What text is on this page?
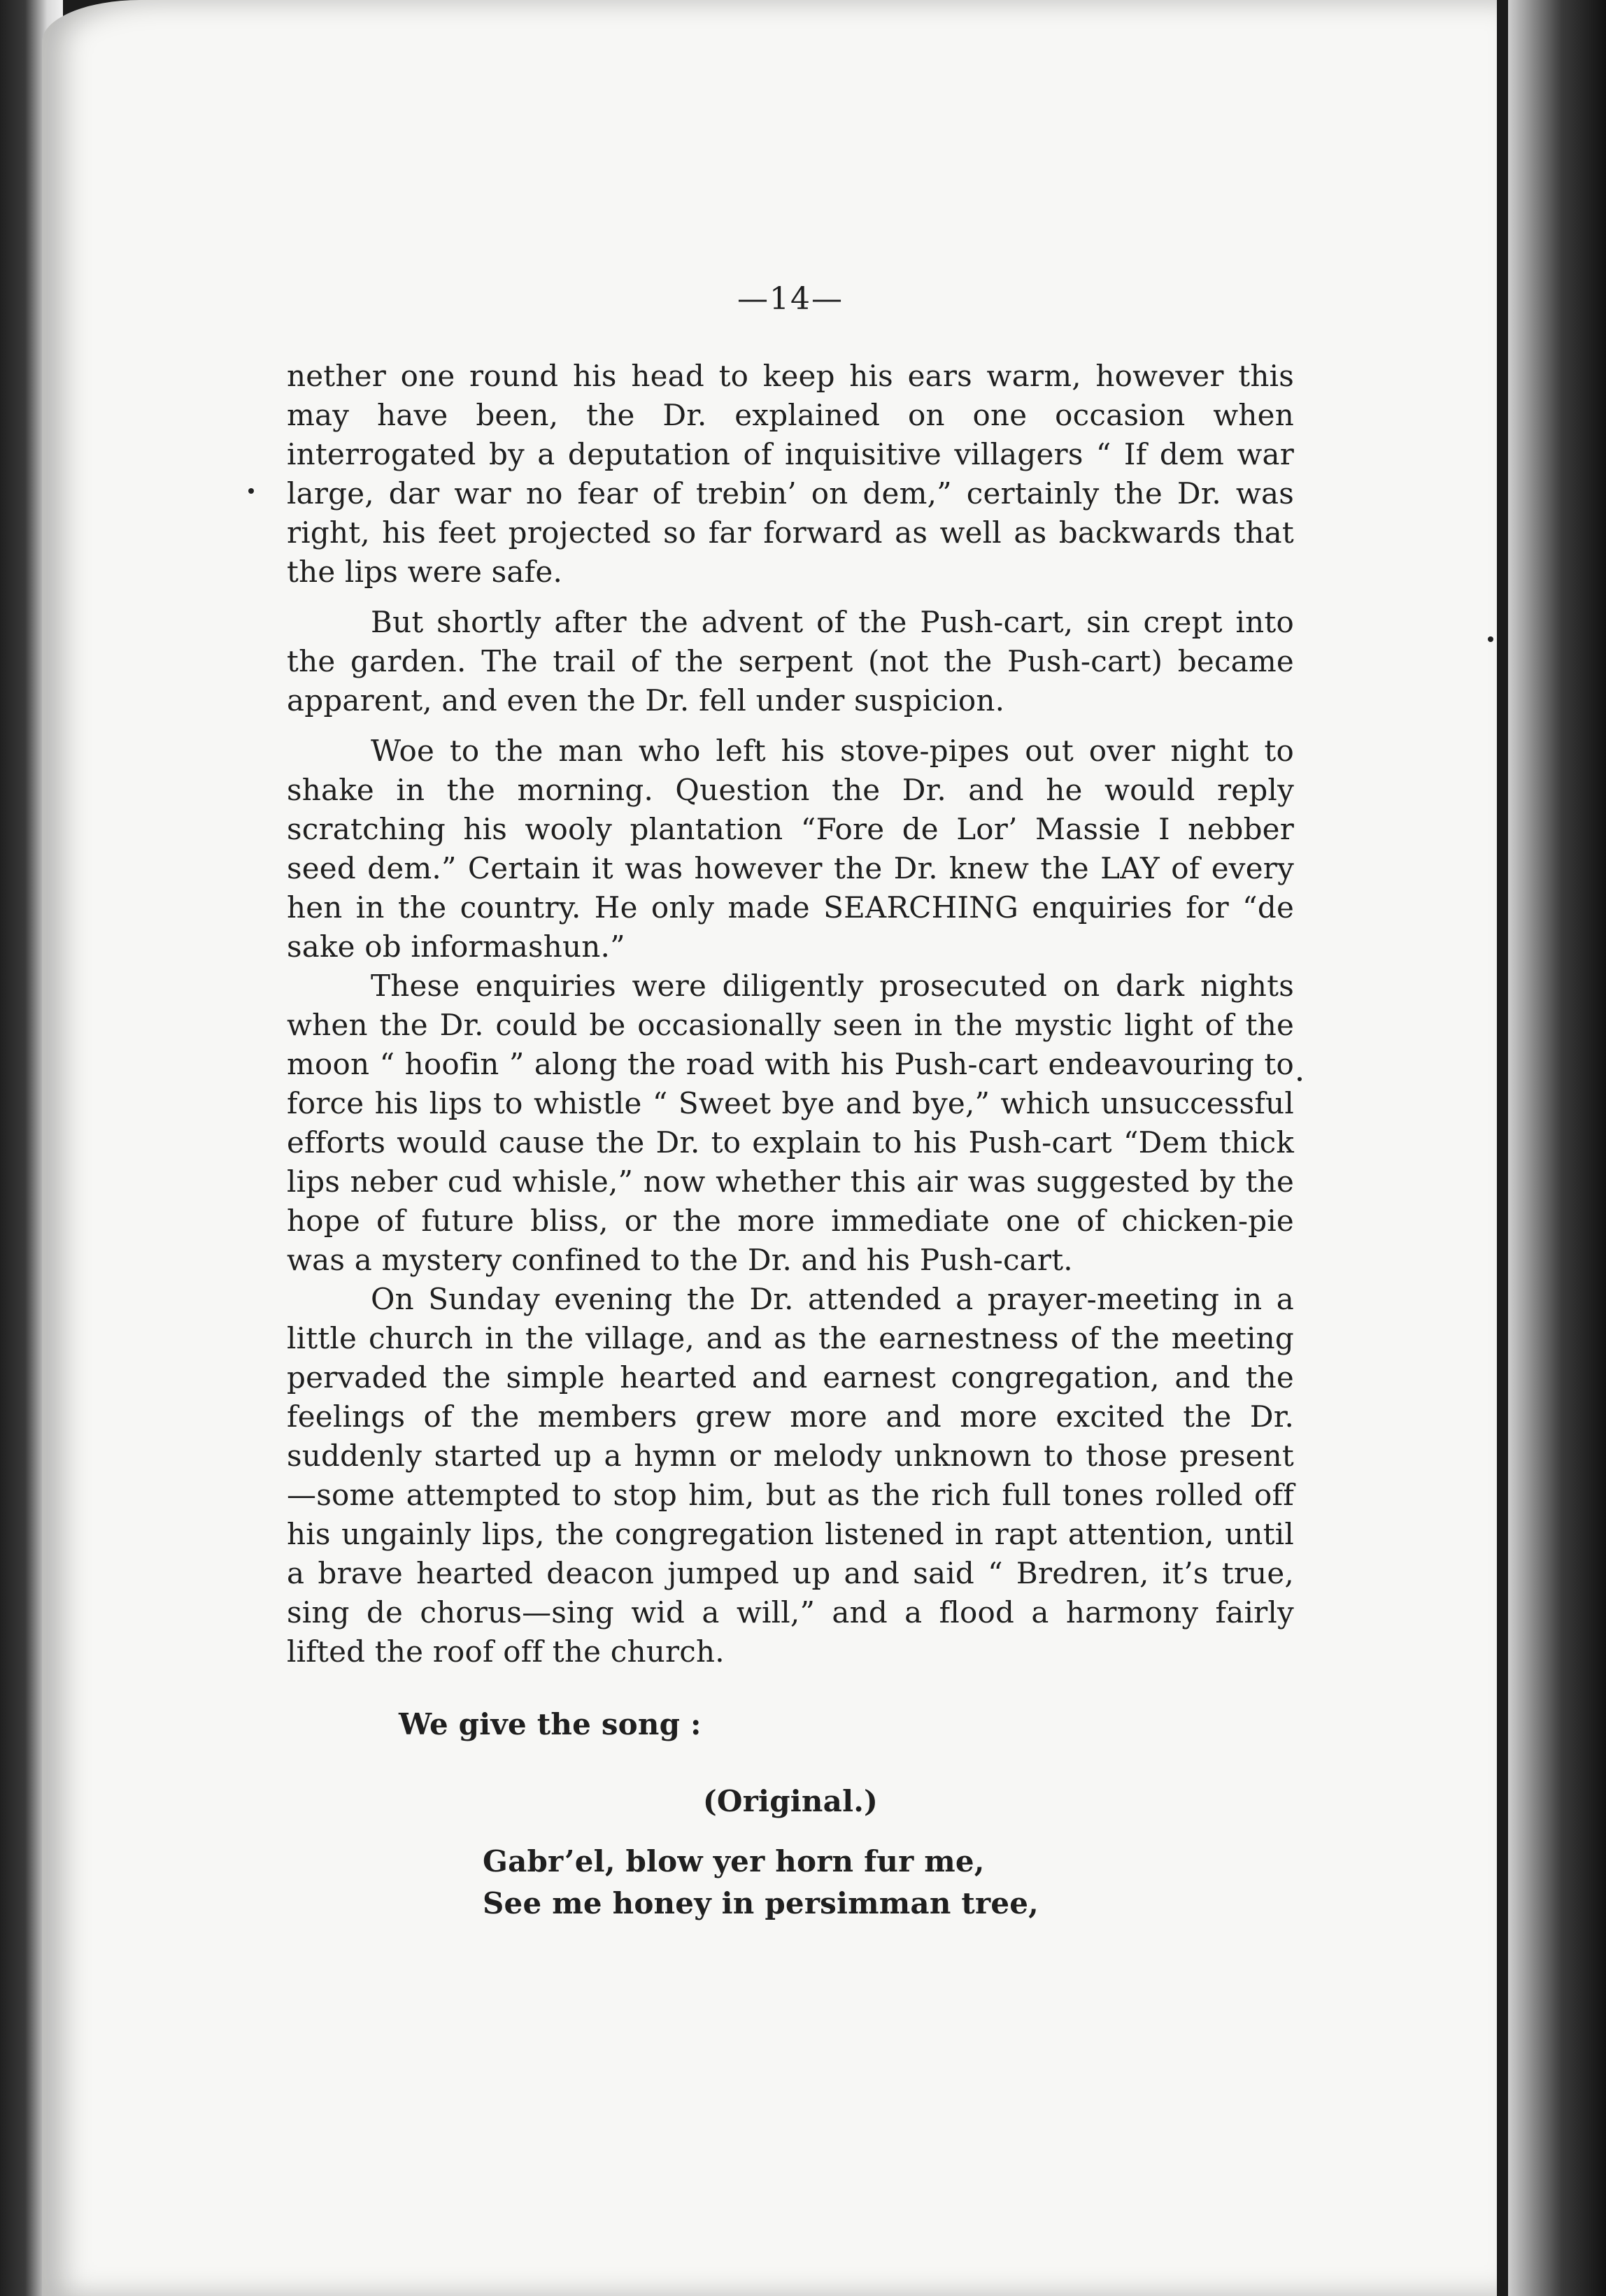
—14—

nether one round his head to keep his ears warm, however this may have been, the Dr. explained on one occasion when interrogated by a deputation of inquisitive villagers “ If dem war large, dar war no fear of trebin’ on dem,” certainly the Dr. was right, his feet projected so far forward as well as backwards that the lips were safe.

But shortly after the advent of the Push-cart, sin crept into the garden. The trail of the serpent (not the Push-cart) became apparent, and even the Dr. fell under suspicion.

Woe to the man who left his stove-pipes out over night to shake in the morning. Question the Dr. and he would reply scratching his wooly plantation “Fore de Lor’ Massie I nebber seed dem.” Certain it was however the Dr. knew the LAY of every hen in the country. He only made SEARCHING enquiries for “de sake ob informashun.”

These enquiries were diligently prosecuted on dark nights when the Dr. could be occasionally seen in the mystic light of the moon “ hoofin ” along the road with his Push-cart endeavouring to force his lips to whistle “ Sweet bye and bye,” which unsuccessful efforts would cause the Dr. to explain to his Push-cart “Dem thick lips neber cud whisle,” now whether this air was suggested by the hope of future bliss, or the more immediate one of chicken-pie was a mystery confined to the Dr. and his Push-cart.

On Sunday evening the Dr. attended a prayer-meeting in a little church in the village, and as the earnestness of the meeting pervaded the simple hearted and earnest congregation, and the feelings of the members grew more and more excited the Dr. suddenly started up a hymn or melody unknown to those present—some attempted to stop him, but as the rich full tones rolled off his ungainly lips, the congregation listened in rapt attention, until a brave hearted deacon jumped up and said “ Bredren, it’s true, sing de chorus—sing wid a will,” and a flood a harmony fairly lifted the roof off the church.

We give the song :

(Original.)
Gabr’el, blow yer horn fur me,
See me honey in persimman tree,
